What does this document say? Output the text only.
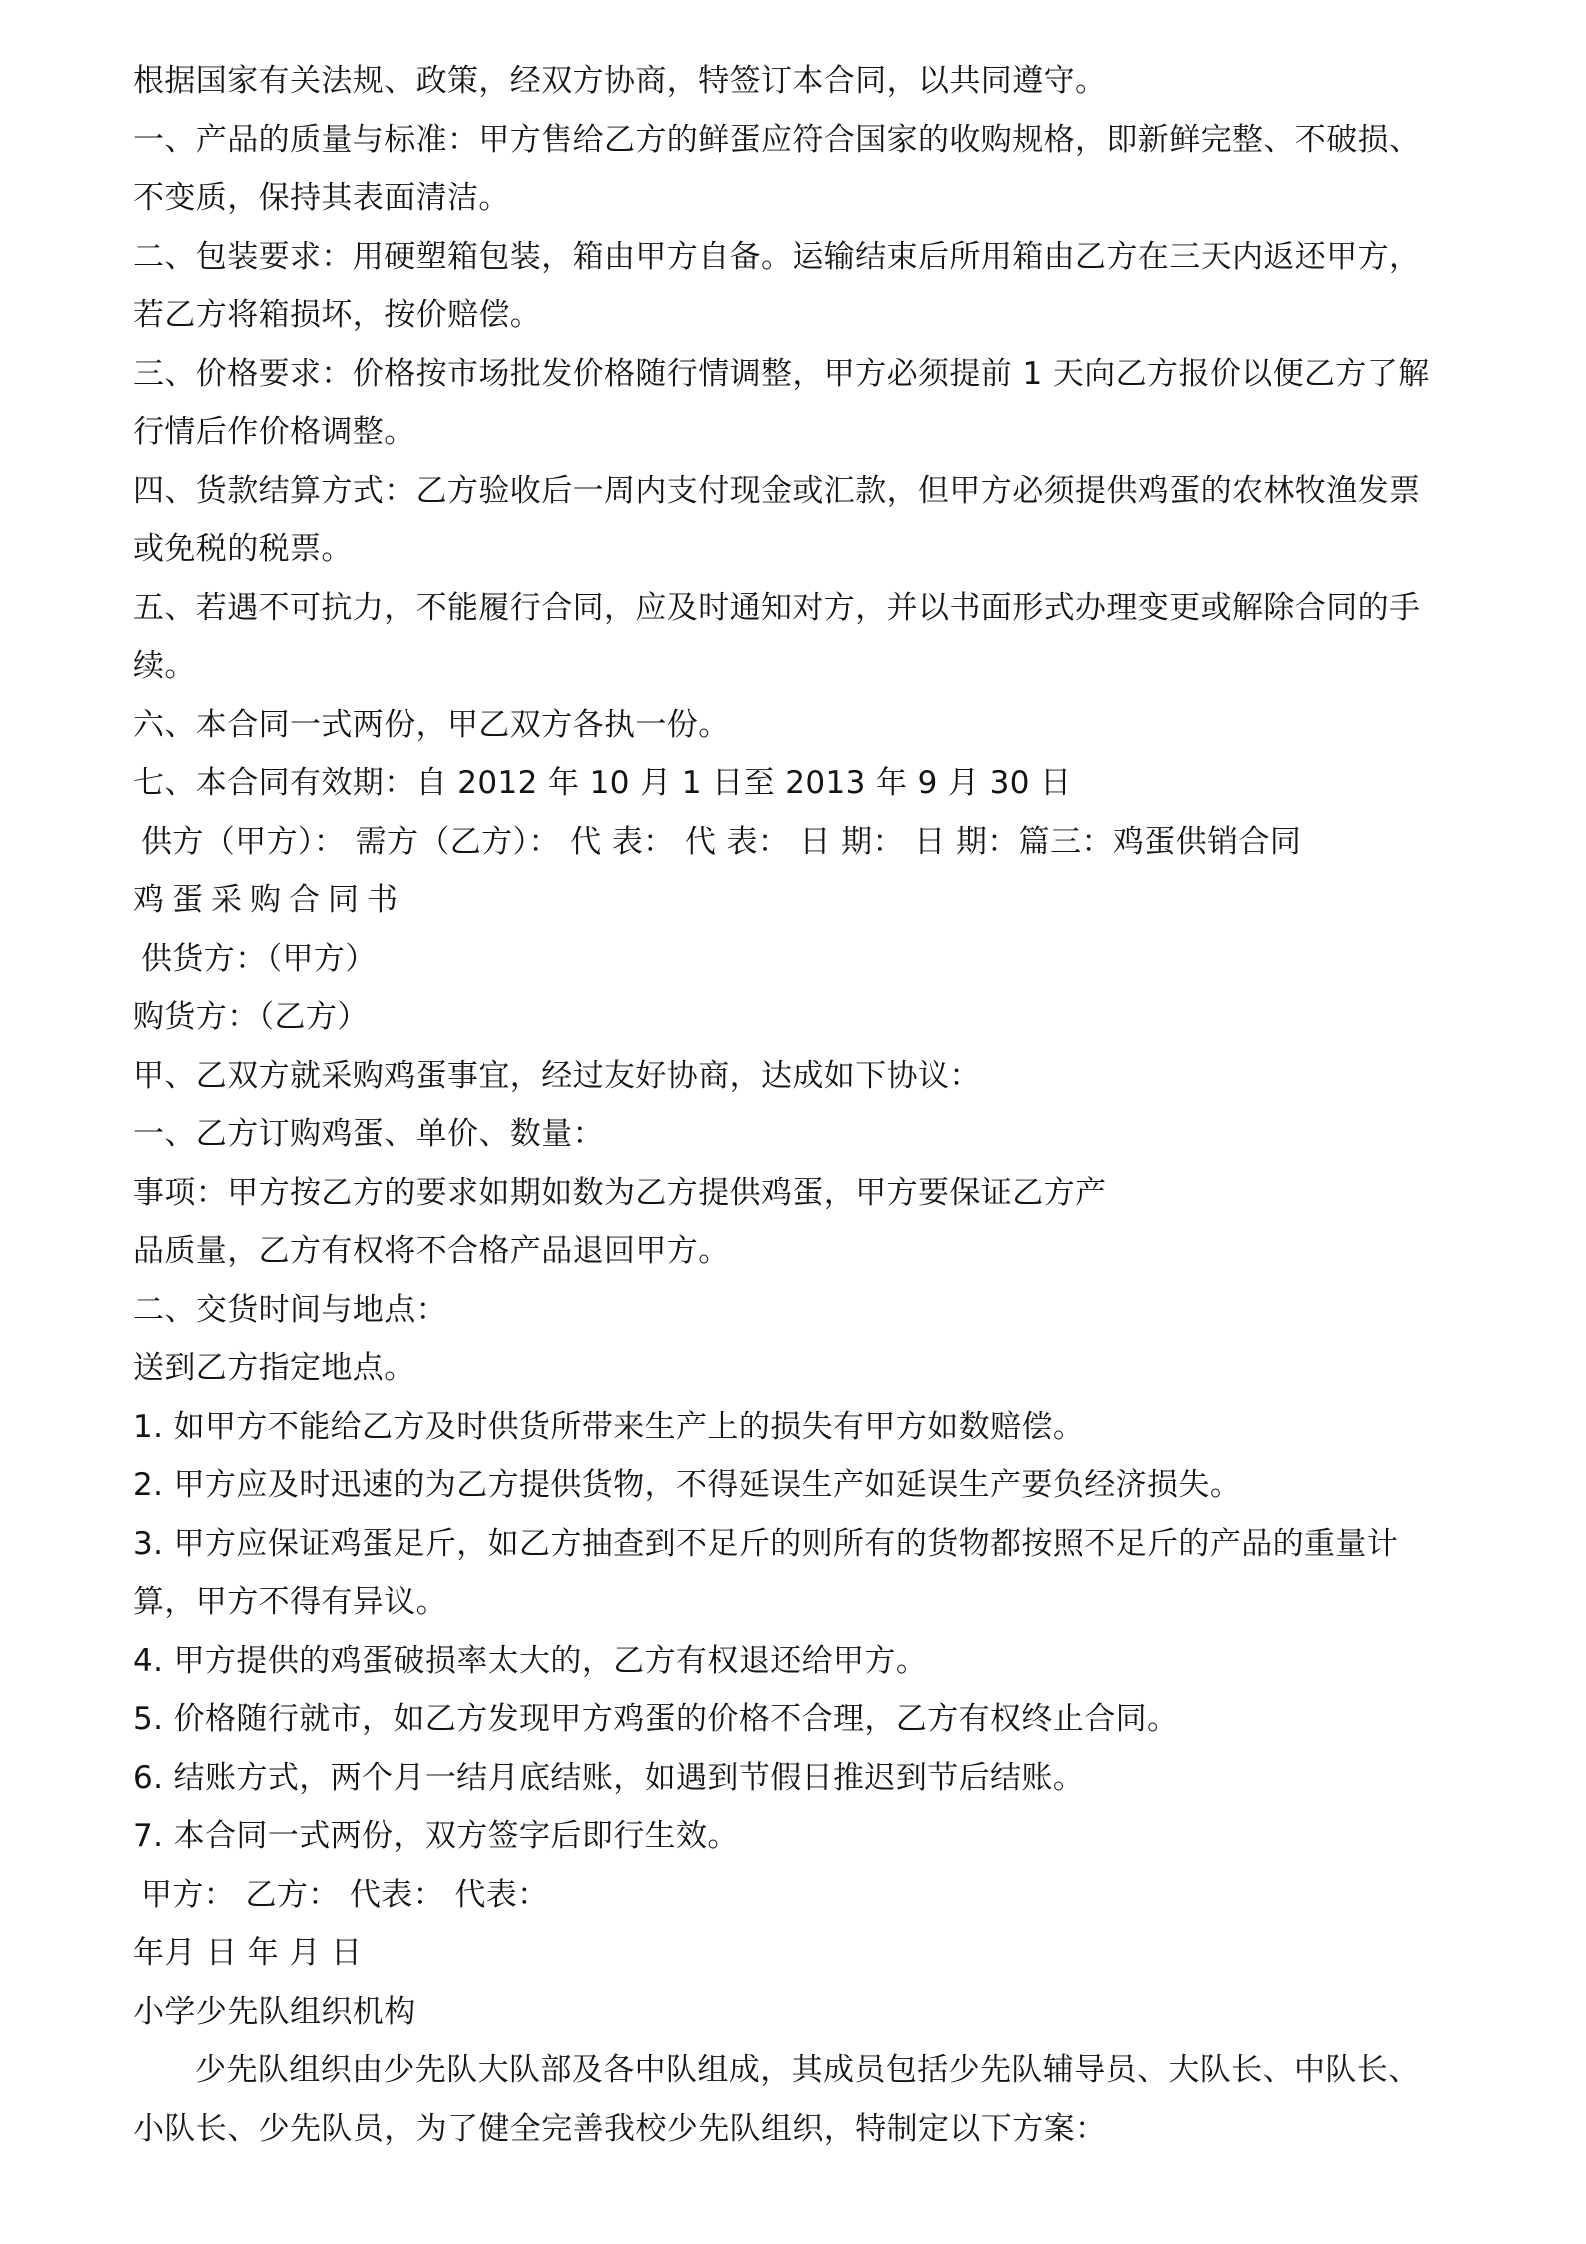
根据国家有关法规、政策，经双方协商，特签订本合同，以共同遵守。

一、产品的质量与标准：甲方售给乙方的鲜蛋应符合国家的收购规格，即新鲜完整、不破损、

不变质，保持其表面清洁。

二、包装要求：用硬塑箱包装，箱由甲方自备。运输结束后所用箱由乙方在三天内返还甲方，

若乙方将箱损坏，按价赔偿。

三、价格要求：价格按市场批发价格随行情调整，甲方必须提前 1 天向乙方报价以便乙方了解

行情后作价格调整。

四、货款结算方式：乙方验收后一周内支付现金或汇款，但甲方必须提供鸡蛋的农林牧渔发票

或免税的税票。

五、若遇不可抗力，不能履行合同，应及时通知对方，并以书面形式办理变更或解除合同的手

续。

六、本合同一式两份，甲乙双方各执一份。

七、本合同有效期：自 2012 年 10 月 1 日至 2013 年 9 月 30 日

供方（甲方）： 需方（乙方）： 代 表： 代 表： 日 期： 日 期：篇三：鸡蛋供销合同

鸡蛋采购合同书

供货方：（甲方）

购货方：（乙方）

甲、乙双方就采购鸡蛋事宜，经过友好协商，达成如下协议：

一、乙方订购鸡蛋、单价、数量：

事项：甲方按乙方的要求如期如数为乙方提供鸡蛋，甲方要保证乙方产

品质量，乙方有权将不合格产品退回甲方。

二、交货时间与地点：

送到乙方指定地点。

1. 如甲方不能给乙方及时供货所带来生产上的损失有甲方如数赔偿。

2. 甲方应及时迅速的为乙方提供货物，不得延误生产如延误生产要负经济损失。

3. 甲方应保证鸡蛋足斤，如乙方抽查到不足斤的则所有的货物都按照不足斤的产品的重量计

算，甲方不得有异议。

4. 甲方提供的鸡蛋破损率太大的，乙方有权退还给甲方。

5. 价格随行就市，如乙方发现甲方鸡蛋的价格不合理，乙方有权终止合同。

6. 结账方式，两个月一结月底结账，如遇到节假日推迟到节后结账。

7. 本合同一式两份，双方签字后即行生效。

甲方： 乙方： 代表： 代表：

年月 日 年 月 日

小学少先队组织机构

少先队组织由少先队大队部及各中队组成，其成员包括少先队辅导员、大队长、中队长、

小队长、少先队员，为了健全完善我校少先队组织，特制定以下方案：
